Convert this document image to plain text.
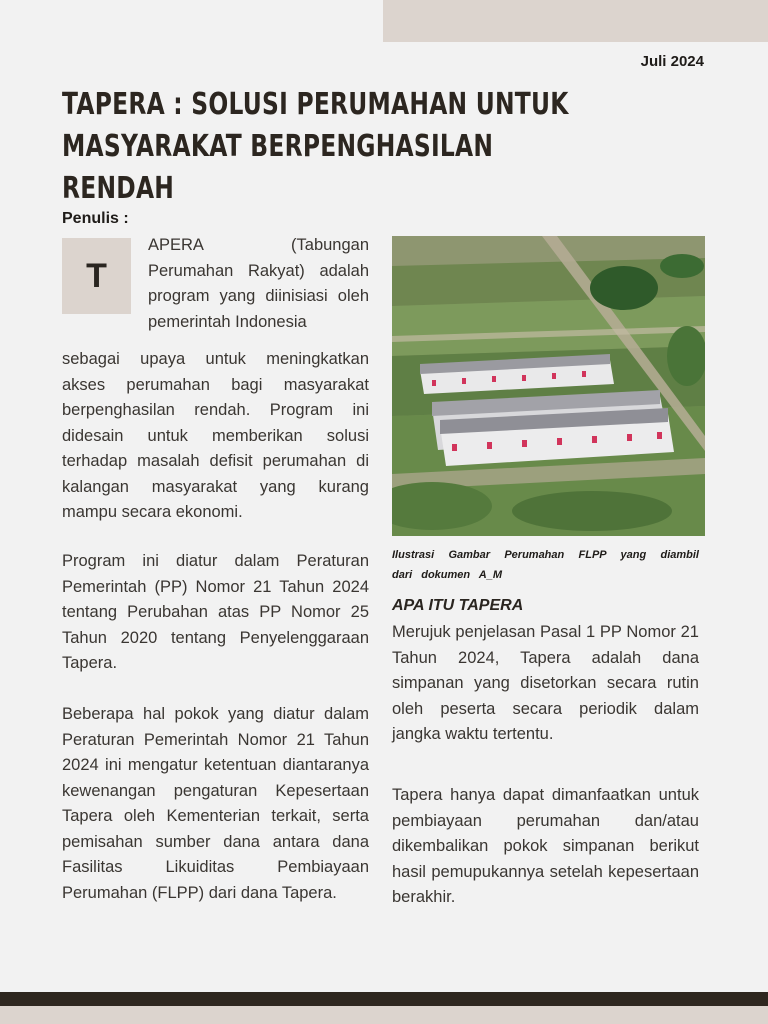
Juli 2024
TAPERA : SOLUSI PERUMAHAN UNTUK MASYARAKAT BERPENGHASILAN RENDAH
Penulis :
T

APERA (Tabungan Perumahan Rakyat) adalah program yang diinisiasi oleh pemerintah Indonesia

sebagai upaya untuk meningkatkan akses perumahan bagi masyarakat berpenghasilan rendah. Program ini didesain untuk memberikan solusi terhadap masalah defisit perumahan di kalangan masyarakat yang kurang mampu secara ekonomi.

Program ini diatur dalam Peraturan Pemerintah (PP) Nomor 21 Tahun 2024 tentang Perubahan atas PP Nomor 25 Tahun 2020 tentang Penyelenggaraan Tapera.

Beberapa hal pokok yang diatur dalam Peraturan Pemerintah Nomor 21 Tahun 2024 ini mengatur ketentuan diantaranya kewenangan pengaturan Kepesertaan Tapera oleh Kementerian terkait, serta pemisahan sumber dana antara dana Fasilitas Likuiditas Pembiayaan Perumahan (FLPP) dari dana Tapera.

Ilustrasi Gambar Perumahan FLPP yang diambil dari dokumen A_M

APA ITU TAPERA

Merujuk penjelasan Pasal 1 PP Nomor 21 Tahun 2024, Tapera adalah dana simpanan yang disetorkan secara rutin oleh peserta secara periodik dalam jangka waktu tertentu.

Tapera hanya dapat dimanfaatkan untuk pembiayaan perumahan dan/atau dikembalikan pokok simpanan berikut hasil pemupukannya setelah kepesertaan berakhir.
